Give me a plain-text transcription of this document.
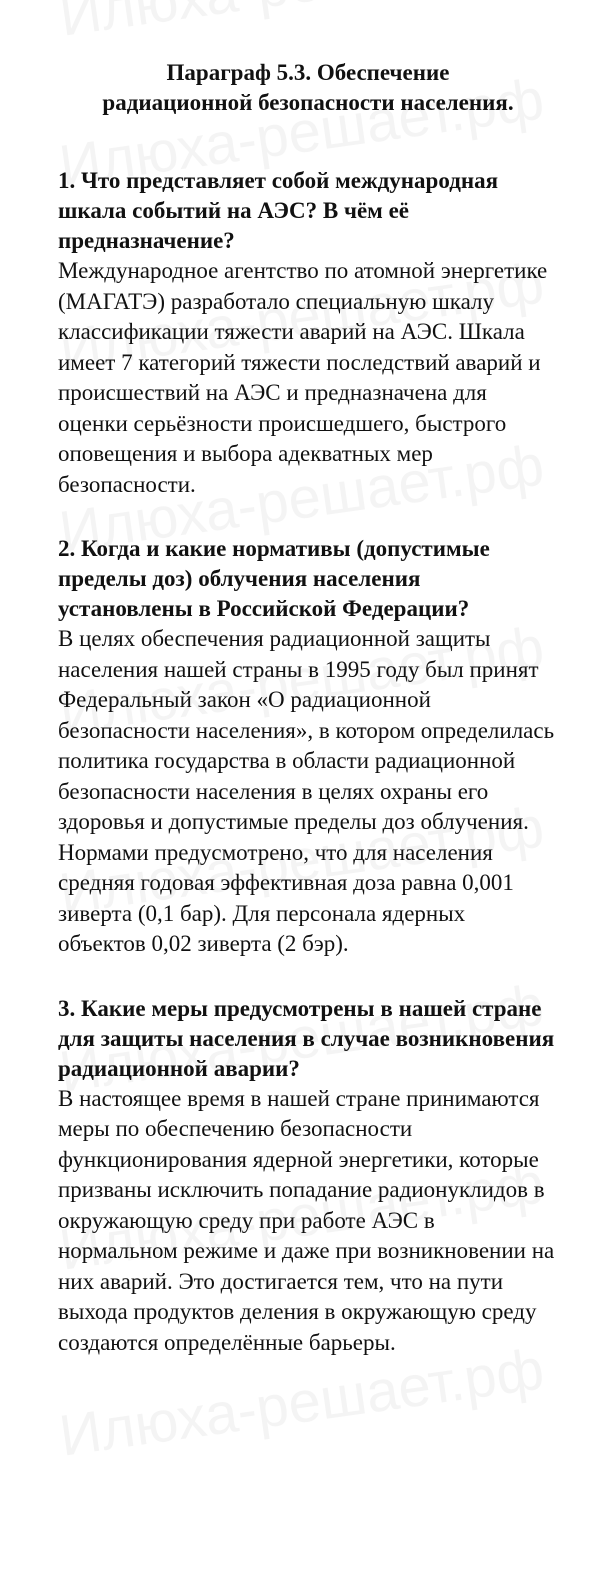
Параграф 5.3. Обеспечение
радиационной безопасности населения.

1. Что представляет собой международная шкала событий на АЭС? В чём её предназначение?

Международное агентство по атомной энергетике (МАГАТЭ) разработало специальную шкалу классификации тяжести аварий на АЭС. Шкала имеет 7 категорий тяжести последствий аварий и происшествий на АЭС и предназначена для оценки серьёзности происшедшего, быстрого оповещения и выбора адекватных мер безопасности.

2. Когда и какие нормативы (допустимые пределы доз) облучения населения установлены в Российской Федерации?

В целях обеспечения радиационной защиты населения нашей страны в 1995 году был принят Федеральный закон «О радиационной безопасности населения», в котором определилась политика государства в области радиационной безопасности населения в целях охраны его здоровья и допустимые пределы доз облучения.

Нормами предусмотрено, что для населения средняя годовая эффективная доза равна 0,001 зиверта (0,1 бар). Для персонала ядерных объектов 0,02 зиверта (2 бэр).

3. Какие меры предусмотрены в нашей стране для защиты населения в случае возникновения радиационной аварии?

В настоящее время в нашей стране принимаются меры по обеспечению безопасности функционирования ядерной энергетики, которые призваны исключить попадание радионуклидов в окружающую среду при работе АЭС в нормальном режиме и даже при возникновении на них аварий. Это достигается тем, что на пути выхода продуктов деления в окружающую среду создаются определённые барьеры.
